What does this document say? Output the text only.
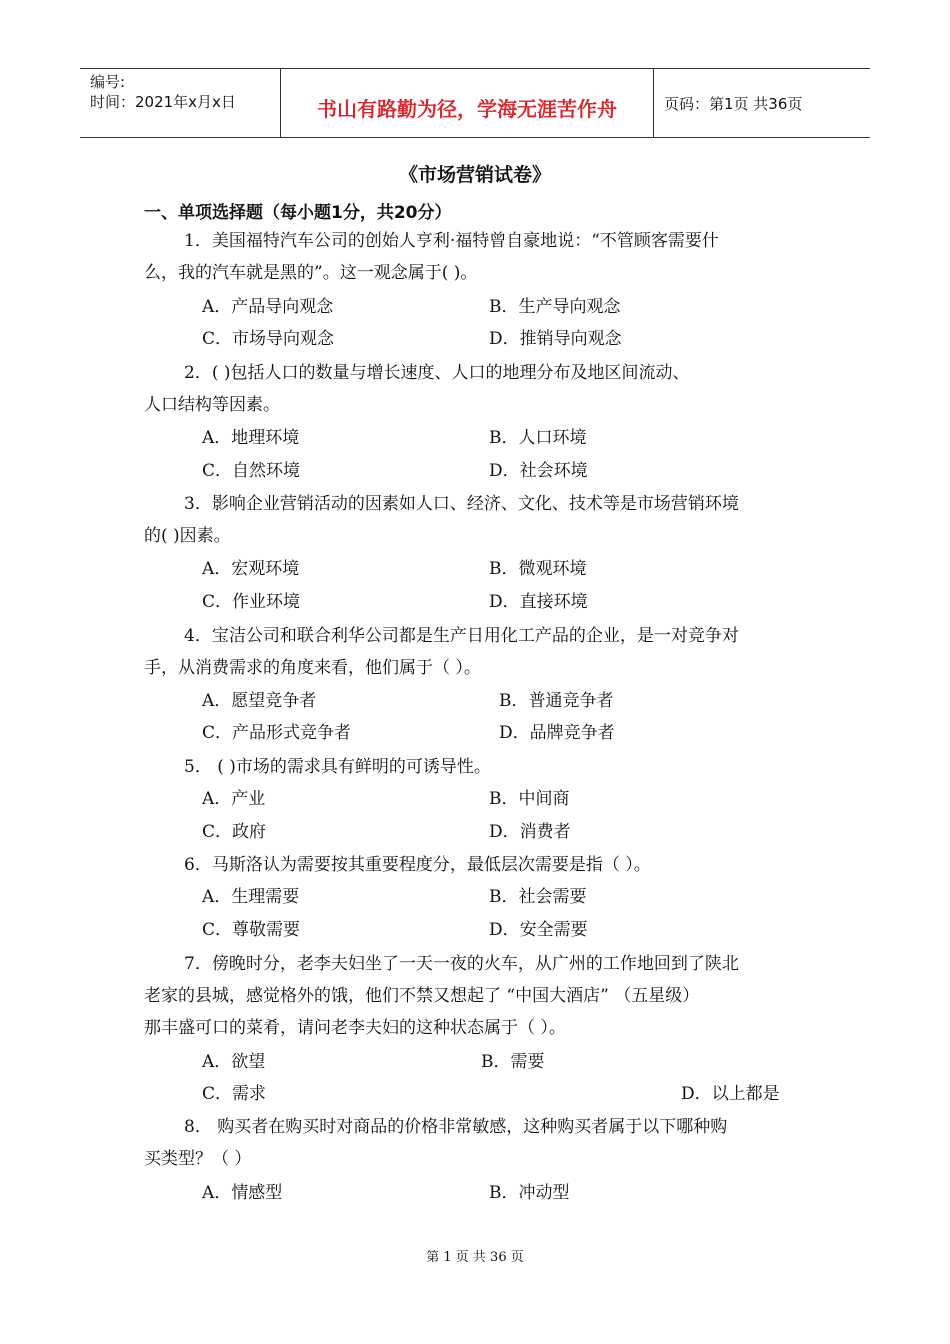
编号:
时间：2021年x月x日	书山有路勤为径，学海无涯苦作舟	页码：第1页 共36页
《市场营销试卷》
一、单项选择题（每小题1分，共20分）
1．美国福特汽车公司的创始人亨利·福特曾自豪地说：“不管顾客需要什
么，我的汽车就是黑的”。这一观念属于( )。
A．产品导向观念	B．生产导向观念
C．市场导向观念	D．推销导向观念
2．( )包括人口的数量与增长速度、人口的地理分布及地区间流动、
人口结构等因素。
A．地理环境	B．人口环境
C．自然环境	D．社会环境
3．影响企业营销活动的因素如人口、经济、文化、技术等是市场营销环境
的( )因素。
A．宏观环境	B．微观环境
C．作业环境	D．直接环境
4．宝洁公司和联合利华公司都是生产日用化工产品的企业，是一对竞争对
手，从消费需求的角度来看，他们属于（ ）。
A．愿望竞争者	B．普通竞争者
C．产品形式竞争者	D．品牌竞争者
5． ( )市场的需求具有鲜明的可诱导性。
A．产业	B．中间商
C．政府	D．消费者
6．马斯洛认为需要按其重要程度分，最低层次需要是指（ ）。
A．生理需要	B．社会需要
C．尊敬需要	D．安全需要
7．傍晚时分，老李夫妇坐了一天一夜的火车，从广州的工作地回到了陕北
老家的县城，感觉格外的饿，他们不禁又想起了 “中国大酒店” （五星级）
那丰盛可口的菜肴，请问老李夫妇的这种状态属于（ ）。
A．欲望	B．需要
C．需求	D．以上都是
8． 购买者在购买时对商品的价格非常敏感，这种购买者属于以下哪种购
买类型？（ ）
A．情感型	B．冲动型
第 1 页 共 36 页
